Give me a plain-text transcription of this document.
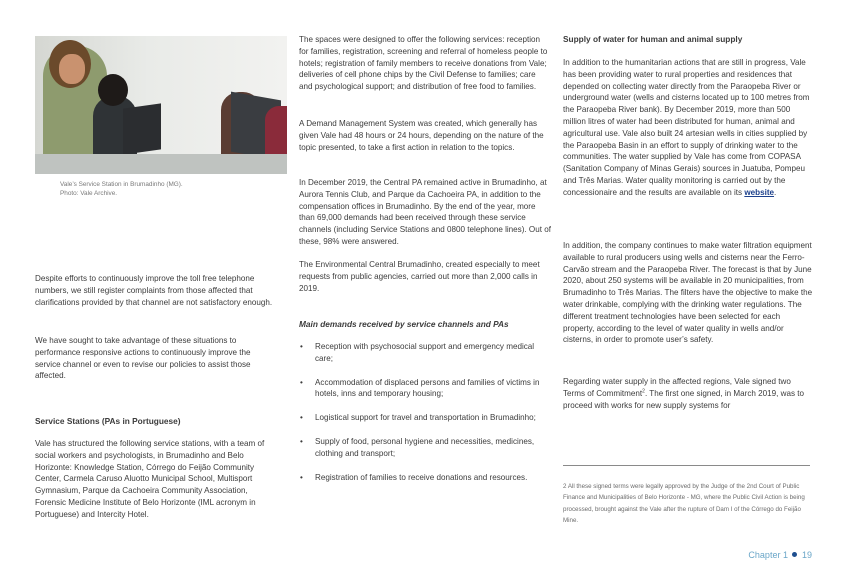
Vale’s Service Station in Brumadinho (MG).
Photo: Vale Archive.

Despite efforts to continuously improve the toll free telephone numbers, we still register complaints from those affected that clarifications provided by that channel are not satisfactory enough.

We have sought to take advantage of these situations to performance responsive actions to continuously improve the service channel or even to revise our policies to assist those affected.

Service Stations (PAs in Portuguese)

Vale has structured the following service stations, with a team of social workers and psychologists, in Brumadinho and Belo Horizonte: Knowledge Station, Córrego do Feijão Community Center, Carmela Caruso Aluotto Municipal School, Multisport Gymnasium, Parque da Cachoeira Community Association, Forensic Medicine Institute of Belo Horizonte (IML acronym in Portuguese) and Intercity Hotel.

The spaces were designed to offer the following services: reception for families, registration, screening and referral of homeless people to hotels; registration of family members to receive donations from Vale; deliveries of cell phone chips by the Civil Defense to families; care and psychological support; and distribution of free food to families.

A Demand Management System was created, which generally has given Vale had 48 hours or 24 hours, depending on the nature of the topic presented, to take a first action in relation to the topics.

In December 2019, the Central PA remained active in Brumadinho, at Aurora Tennis Club, and Parque da Cachoeira PA, in addition to the compensation offices in Brumadinho. By the end of the year, more than 69,000 demands had been received through these service channels (including Service Stations and 0800 telephone lines). Out of these, 98% were answered.

The Environmental Central Brumadinho, created especially to meet requests from public agencies, carried out more than 2,000 calls in 2019.

Main demands received by service channels and PAs
• Reception with psychosocial support and emergency medical care;
• Accommodation of displaced persons and families of victims in hotels, inns and temporary housing;
• Logistical support for travel and transportation in Brumadinho;
• Supply of food, personal hygiene and necessities, medicines, clothing and transport;
• Registration of families to receive donations and resources.
Supply of water for human and animal supply

In addition to the humanitarian actions that are still in progress, Vale has been providing water to rural properties and residences that depended on collecting water directly from the Paraopeba River or underground water (wells and cisterns located up to 100 metres from the Paraopeba River bank). By December 2019, more than 500 million litres of water had been distributed for human, animal and agricultural use. Vale also built 24 artesian wells in cities supplied by the Paraopeba Basin in an effort to supply of drinking water to the communities. The water supplied by Vale has come from COPASA (Sanitation Company of Minas Gerais) sources in Juatuba, Pompeu and Três Marias. Water quality monitoring is carried out by the concessionaire and the results are available on its website.

In addition, the company continues to make water filtration equipment available to rural producers using wells and cisterns near the Ferro-Carvão stream and the Paraopeba River. The forecast is that by June 2020, about 250 systems will be available in 20 municipalities, from Brumadinho to Três Marias. The filters have the objective to make the water drinkable, complying with the drinking water regulations. The different treatment technologies have been selected for each property, according to the level of water quality in wells and/or cisterns, in order to promote user’s safety.

Regarding water supply in the affected regions, Vale signed two Terms of Commitment$^2$. The first one signed, in March 2019, was to proceed with works for new supply systems for

2 All these signed terms were legally approved by the Judge of the 2nd Court of Public Finance and Municipalities of Belo Horizonte - MG, where the Public Civil Action is being processed, brought against the Vale after the rupture of Dam I of the Córrego do Feijão Mine.
Chapter 1 19
